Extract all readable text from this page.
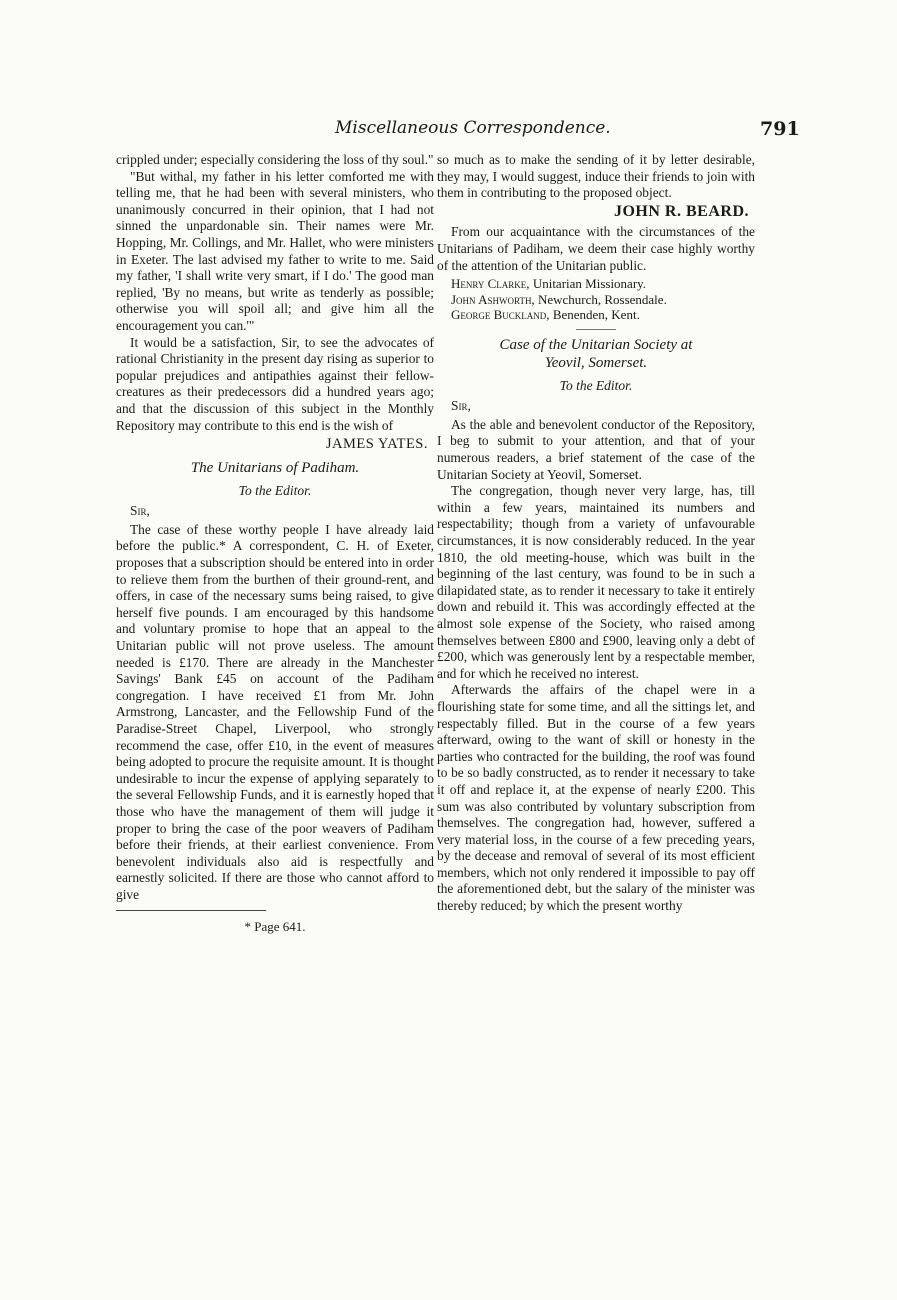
Miscellaneous Correspondence.	791

crippled under; especially considering the loss of thy soul."

"But withal, my father in his letter comforted me with telling me, that he had been with several ministers, who unanimously concurred in their opinion, that I had not sinned the unpardonable sin. Their names were Mr. Hopping, Mr. Collings, and Mr. Hallet, who were ministers in Exeter. The last advised my father to write to me. Said my father, 'I shall write very smart, if I do.' The good man replied, 'By no means, but write as tenderly as possible; otherwise you will spoil all; and give him all the encouragement you can.'"

It would be a satisfaction, Sir, to see the advocates of rational Christianity in the present day rising as superior to popular prejudices and antipathies against their fellow-creatures as their predecessors did a hundred years ago; and that the discussion of this subject in the Monthly Repository may contribute to this end is the wish of

JAMES YATES.
The Unitarians of Padiham.
To the Editor.
Sir,

The case of these worthy people I have already laid before the public.* A correspondent, C. H. of Exeter, proposes that a subscription should be entered into in order to relieve them from the burthen of their ground-rent, and offers, in case of the necessary sums being raised, to give herself five pounds. I am encouraged by this handsome and voluntary promise to hope that an appeal to the Unitarian public will not prove useless. The amount needed is £170. There are already in the Manchester Savings' Bank £45 on account of the Padiham congregation. I have received £1 from Mr. John Armstrong, Lancaster, and the Fellowship Fund of the Paradise-Street Chapel, Liverpool, who strongly recommend the case, offer £10, in the event of measures being adopted to procure the requisite amount. It is thought undesirable to incur the expense of applying separately to the several Fellowship Funds, and it is earnestly hoped that those who have the management of them will judge it proper to bring the case of the poor weavers of Padiham before their friends, at their earliest convenience. From benevolent individuals also aid is respectfully and earnestly solicited. If there are those who cannot afford to give

* Page 641.

so much as to make the sending of it by letter desirable, they may, I would suggest, induce their friends to join with them in contributing to the proposed object.

JOHN R. BEARD.

From our acquaintance with the circumstances of the Unitarians of Padiham, we deem their case highly worthy of the attention of the Unitarian public.

Henry Clarke, Unitarian Missionary.
John Ashworth, Newchurch, Rossendale.
George Buckland, Benenden, Kent.
Case of the Unitarian Society at
Yeovil, Somerset.
To the Editor.
Sir,

As the able and benevolent conductor of the Repository, I beg to submit to your attention, and that of your numerous readers, a brief statement of the case of the Unitarian Society at Yeovil, Somerset.

The congregation, though never very large, has, till within a few years, maintained its numbers and respectability; though from a variety of unfavourable circumstances, it is now considerably reduced. In the year 1810, the old meeting-house, which was built in the beginning of the last century, was found to be in such a dilapidated state, as to render it necessary to take it entirely down and rebuild it. This was accordingly effected at the almost sole expense of the Society, who raised among themselves between £800 and £900, leaving only a debt of £200, which was generously lent by a respectable member, and for which he received no interest.

Afterwards the affairs of the chapel were in a flourishing state for some time, and all the sittings let, and respectably filled. But in the course of a few years afterward, owing to the want of skill or honesty in the parties who contracted for the building, the roof was found to be so badly constructed, as to render it necessary to take it off and replace it, at the expense of nearly £200. This sum was also contributed by voluntary subscription from themselves. The congregation had, however, suffered a very material loss, in the course of a few preceding years, by the decease and removal of several of its most efficient members, which not only rendered it impossible to pay off the aforementioned debt, but the salary of the minister was thereby reduced; by which the present worthy
